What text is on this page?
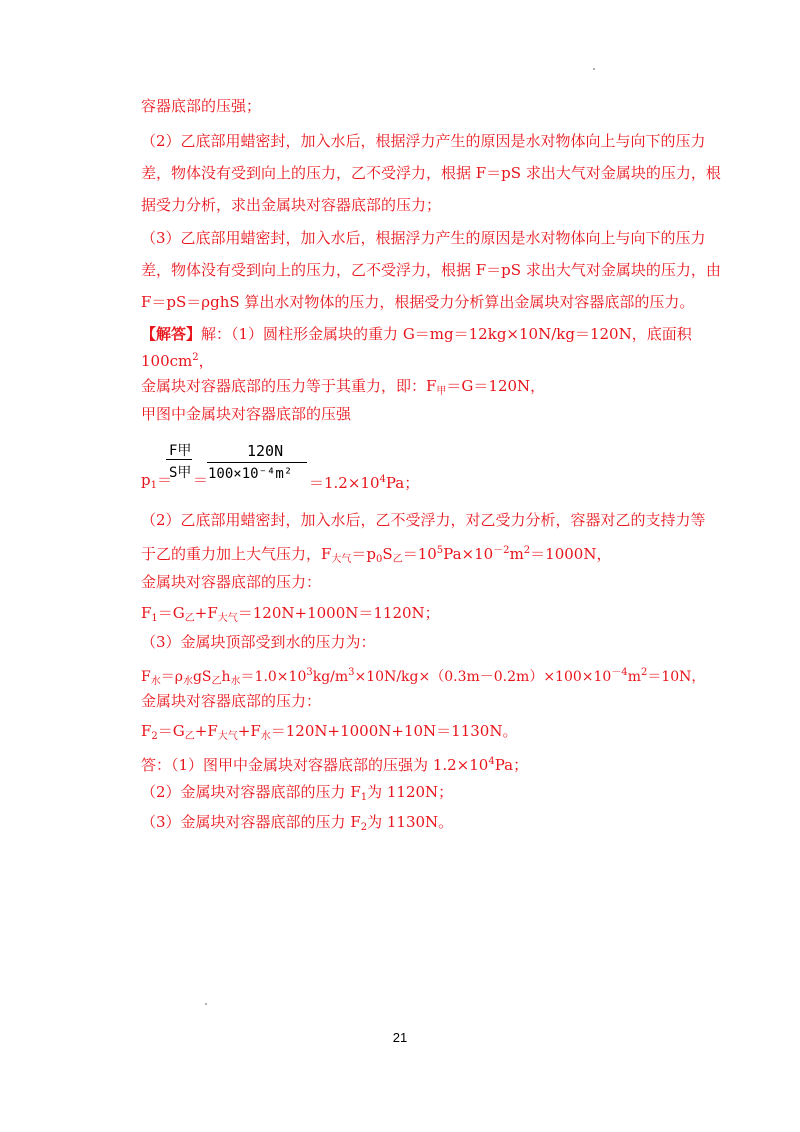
容器底部的压强；
（2）乙底部用蜡密封，加入水后，根据浮力产生的原因是水对物体向上与向下的压力
差，物体没有受到向上的压力，乙不受浮力，根据 F＝pS 求出大气对金属块的压力，根
据受力分析，求出金属块对容器底部的压力；
（3）乙底部用蜡密封，加入水后，根据浮力产生的原因是水对物体向上与向下的压力
差，物体没有受到向上的压力，乙不受浮力，根据 F＝pS 求出大气对金属块的压力，由
F＝pS＝ρghS 算出水对物体的压力，根据受力分析算出金属块对容器底部的压力。
【解答】解：（1）圆柱形金属块的重力 G＝mg＝12kg×10N/kg＝120N，底面积
$100cm^2$，
金属块对容器底部的压力等于其重力，即：$F_甲=G=120N$，
甲图中金属块对容器底部的压强
$p_1=$
F甲
S甲 ＝
120N
$100\times 10^{-4}m^2 =1.2\times 10^4Pa$；
（2）乙底部用蜡密封，加入水后，乙不受浮力，对乙受力分析，容器对乙的支持力等
于乙的重力加上大气压力，$F_{大气}=p_0S_乙=10^5Pa\times 10^{-2}m^2=1000N$，
金属块对容器底部的压力：
$F_1=G_乙+F_{大气}=120N+1000N=1120N$；
（3）金属块顶部受到水的压力为：
$F_水=\rho_水gS_乙h_水=1.0\times 10^3kg/m^3\times 10N/kg\times(0.3m-0.2m)\times 100\times 10^{-4}m^2=10N$，
金属块对容器底部的压力：
$F_2=G_乙+F_{大气}+F_水=120N+1000N+10N=1130N$。
答：（1）图甲中金属块对容器底部的压强为 $1.2\times 10^4Pa$；
（2）金属块对容器底部的压力 $F_1$为 1120N；
（3）金属块对容器底部的压力 $F_2$为 1130N。
21
